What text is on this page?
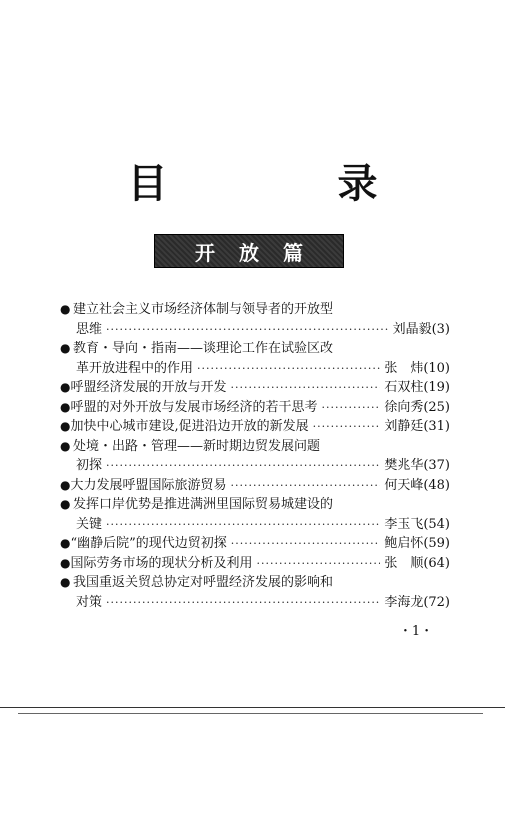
目 录
开放篇
● 建立社会主义市场经济体制与领导者的开放型
思维 ·····	刘晶毅(3)
● 教育・导向・指南——谈理论工作在试验区改
革开放进程中的作用 ·····	张　炜(10)
● 呼盟经济发展的开放与开发 ·····	石双柱(19)
● 呼盟的对外开放与发展市场经济的若干思考 ·····	徐向秀(25)
● 加快中心城市建设,促进沿边开放的新发展 ·····	刘静廷(31)
● 处境・出路・管理——新时期边贸发展问题
初探 ·····	樊兆华(37)
● 大力发展呼盟国际旅游贸易 ·····	何天峰(48)
● 发挥口岸优势是推进满洲里国际贸易城建设的
关键 ·····	李玉飞(54)
● “幽静后院”的现代边贸初探 ·····	鲍启怀(59)
● 国际劳务市场的现状分析及利用 ·····	张　顺(64)
● 我国重返关贸总协定对呼盟经济发展的影响和
对策 ·····	李海龙(72)
・1・
